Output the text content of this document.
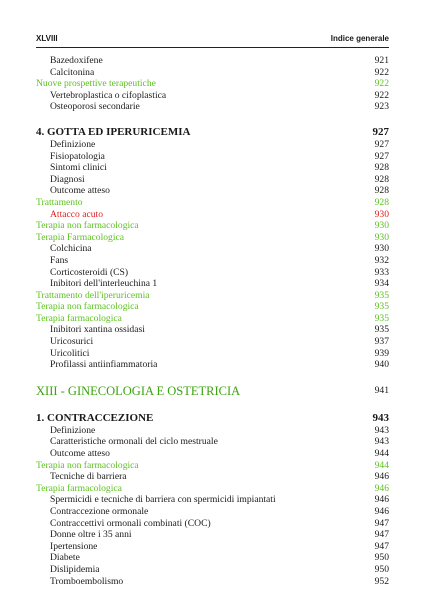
XLVIII	Indice generale
Bazedoxifene	921
Calcitonina	922
Nuove prospettive terapeutiche	922
Vertebroplastica o cifoplastica	922
Osteoporosi secondarie	923
4. GOTTA ED IPERURICEMIA	927
Definizione	927
Fisiopatologia	927
Sintomi clinici	928
Diagnosi	928
Outcome atteso	928
Trattamento	928
Attacco acuto	930
Terapia non farmacologica	930
Terapia Farmacologica	930
Colchicina	930
Fans	932
Corticosteroidi (CS)	933
Inibitori dell'interleuchina 1	934
Trattamento dell'iperuricemia	935
Terapia non farmacologica	935
Terapia farmacologica	935
Inibitori xantina ossidasi	935
Uricosurici	937
Uricolitici	939
Profilassi antiinfiammatoria	940
XIII - GINECOLOGIA E OSTETRICIA	941
1. CONTRACCEZIONE	943
Definizione	943
Caratteristiche ormonali del ciclo mestruale	943
Outcome atteso	944
Terapia non farmacologica	944
Tecniche di barriera	946
Terapia farmacologica	946
Spermicidi e tecniche di barriera con spermicidi impiantati	946
Contraccezione ormonale	946
Contraccettivi ormonali combinati (COC)	947
Donne oltre i 35 anni	947
Ipertensione	947
Diabete	950
Dislipidemia	950
Tromboembolismo	952
